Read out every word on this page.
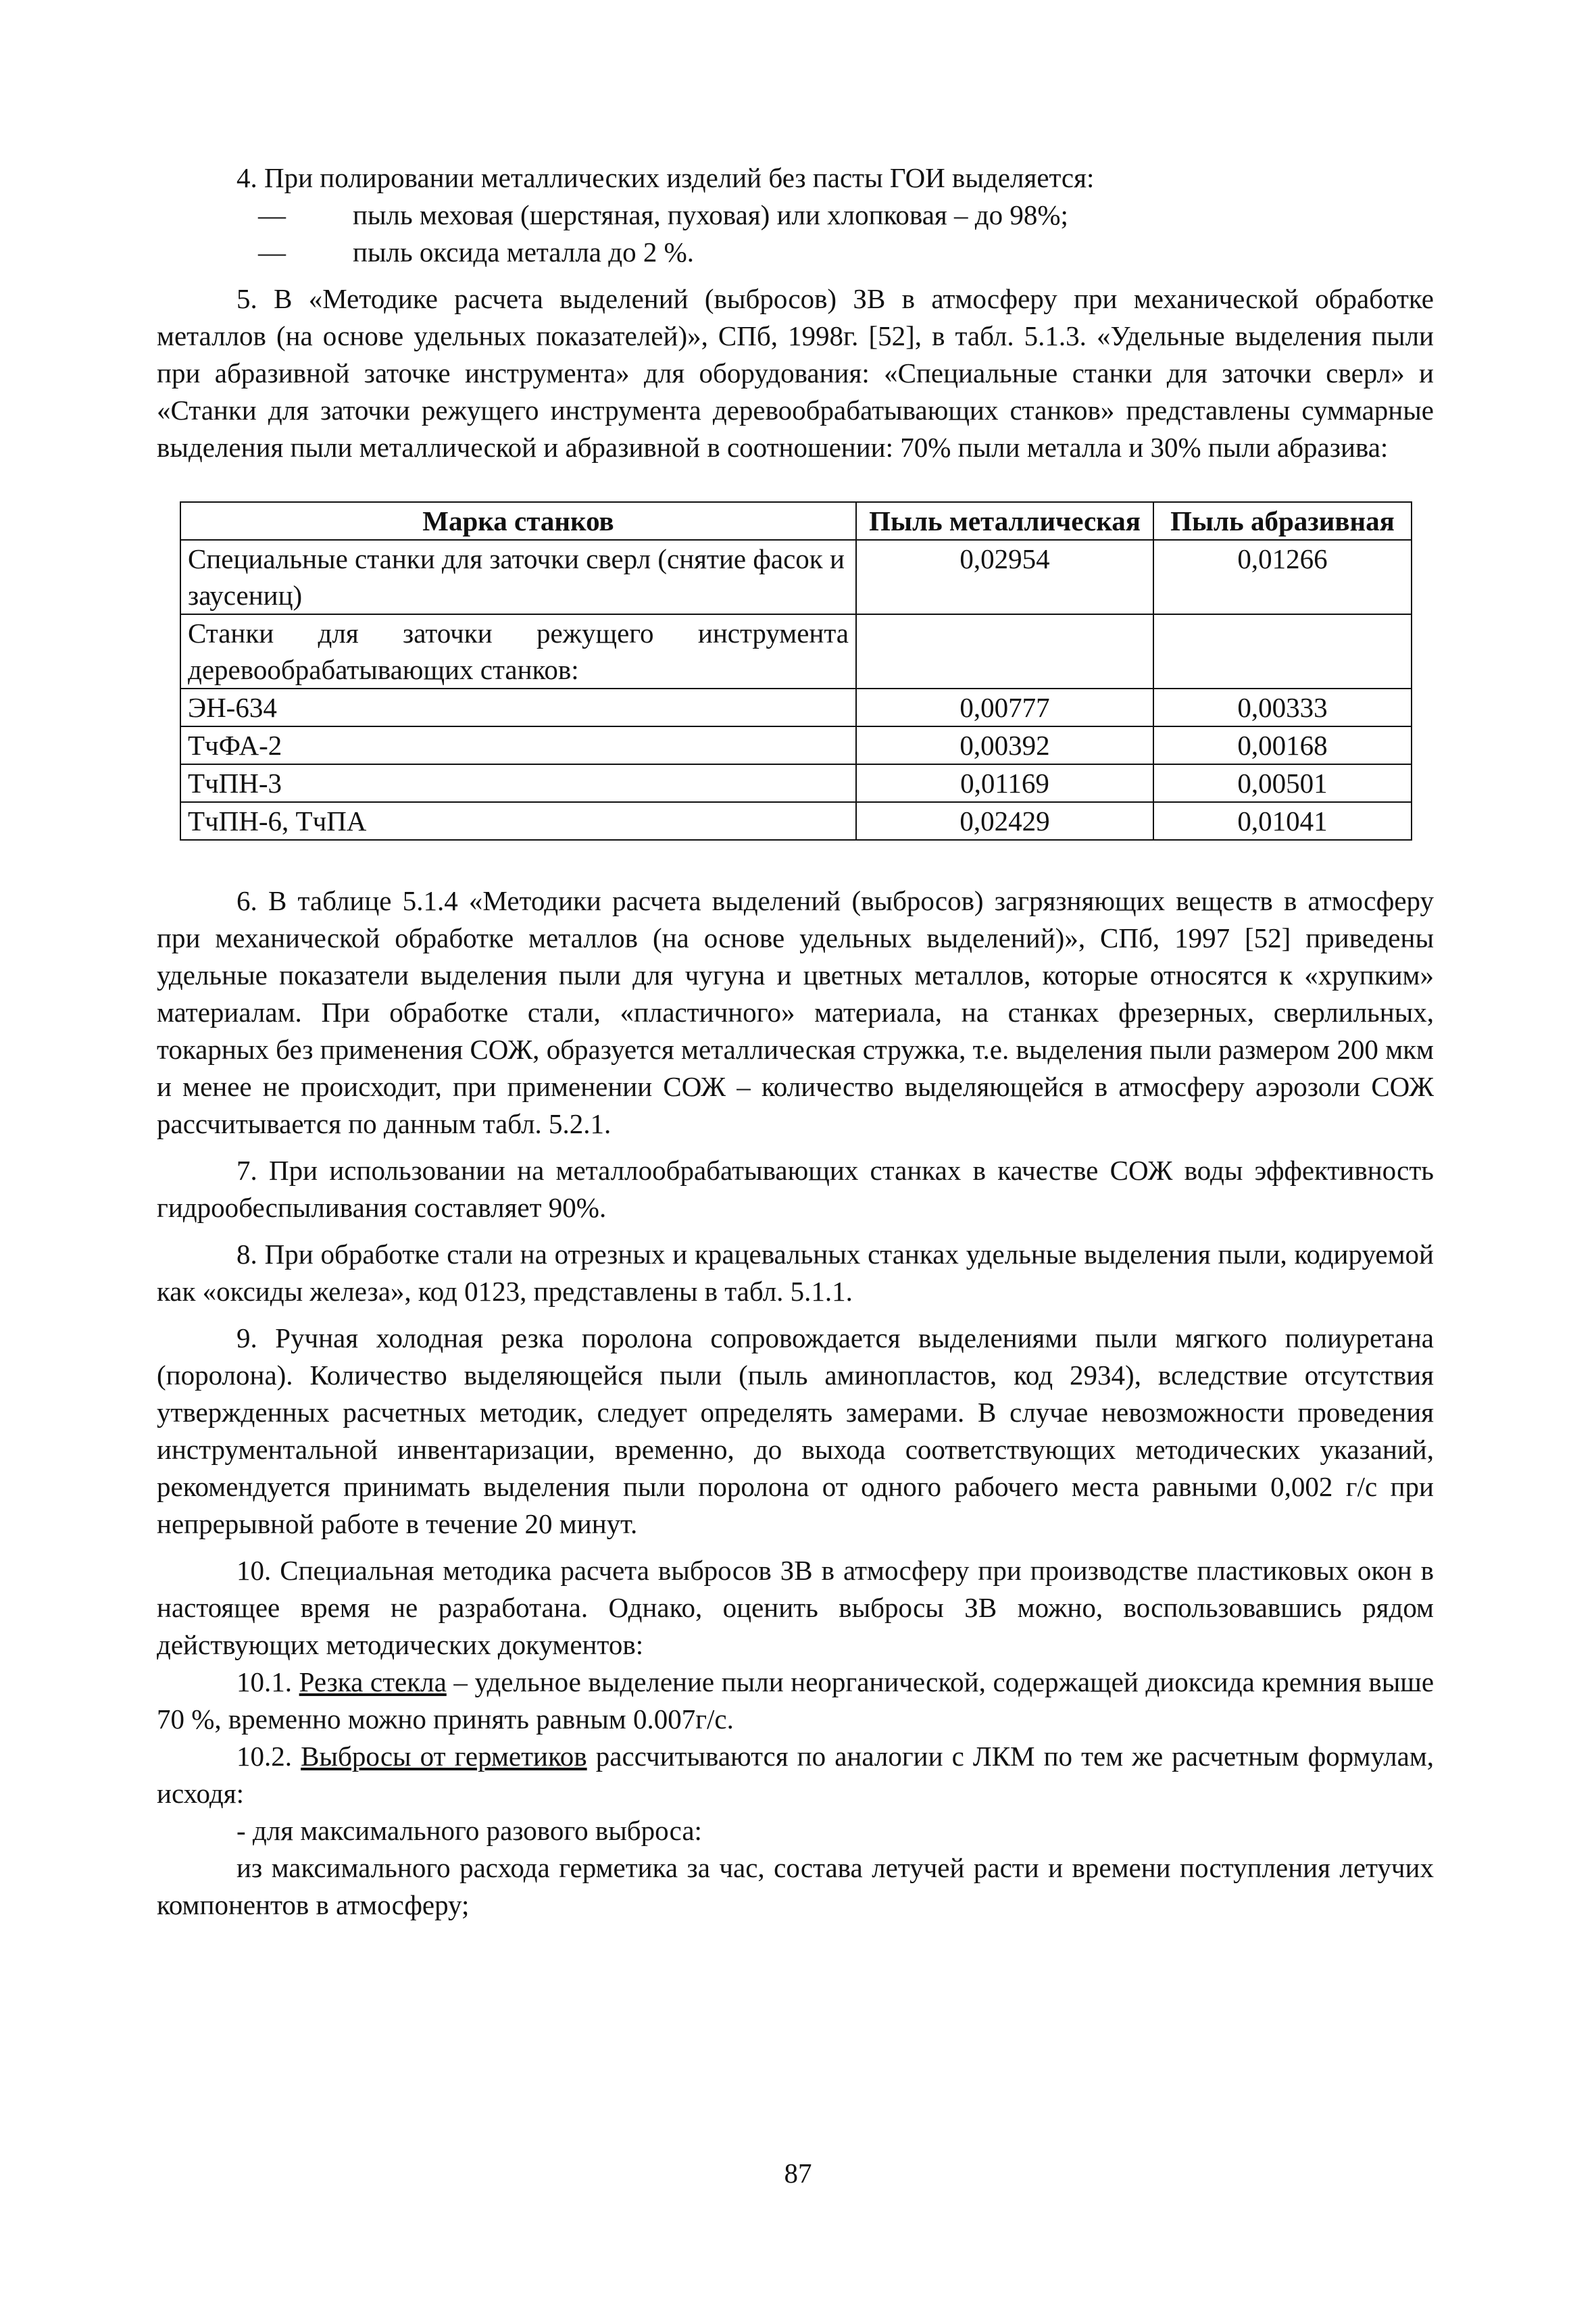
4. При полировании металлических изделий без пасты ГОИ выделяется:

—	пыль меховая (шерстяная, пуховая) или хлопковая – до 98%;
—	пыль оксида металла до 2 %.

5. В «Методике расчета выделений (выбросов) ЗВ в атмосферу при механической обработке металлов (на основе удельных показателей)», СПб, 1998г. [52], в табл. 5.1.3. «Удельные выделения пыли при абразивной заточке инструмента» для оборудования: «Специальные станки для заточки сверл» и «Станки для заточки режущего инструмента деревообрабатывающих станков» представлены суммарные выделения пыли металлической и абразивной в соотношении: 70% пыли металла и 30% пыли абразива:

Марка станков	Пыль металлическая	Пыль абразивная
Специальные станки для заточки сверл (снятие фасок и заусениц)	0,02954	0,01266
Станки для заточки режущего инструмента деревообрабатывающих станков:		
ЭН-634	0,00777	0,00333
ТчФА-2	0,00392	0,00168
ТчПН-3	0,01169	0,00501
ТчПН-6, ТчПА	0,02429	0,01041

6. В таблице 5.1.4 «Методики расчета выделений (выбросов) загрязняющих веществ в атмосферу при механической обработке металлов (на основе удельных выделений)», СПб, 1997 [52] приведены удельные показатели выделения пыли для чугуна и цветных металлов, которые относятся к «хрупким» материалам. При обработке стали, «пластичного» материала, на станках фрезерных, сверлильных, токарных без применения СОЖ, образуется металлическая стружка, т.е. выделения пыли размером 200 мкм и менее не происходит, при применении СОЖ – количество выделяющейся в атмосферу аэрозоли СОЖ рассчитывается по данным табл. 5.2.1.

7. При использовании на металлообрабатывающих станках в качестве СОЖ воды эффективность гидрообеспыливания составляет 90%.

8. При обработке стали на отрезных и крацевальных станках удельные выделения пыли, кодируемой как «оксиды железа», код 0123, представлены в табл. 5.1.1.

9. Ручная холодная резка поролона сопровождается выделениями пыли мягкого полиуретана (поролона). Количество выделяющейся пыли (пыль аминопластов, код 2934), вследствие отсутствия утвержденных расчетных методик, следует определять замерами. В случае невозможности проведения инструментальной инвентаризации, временно, до выхода соответствующих методических указаний, рекомендуется принимать выделения пыли поролона от одного рабочего места равными 0,002 г/с при непрерывной работе в течение 20 минут.

10. Специальная методика расчета выбросов ЗВ в атмосферу при производстве пластиковых окон в настоящее время не разработана. Однако, оценить выбросы ЗВ можно, воспользовавшись рядом действующих методических документов:

10.1. Резка стекла – удельное выделение пыли неорганической, содержащей диоксида кремния выше 70 %, временно можно принять равным 0.007г/с.

10.2. Выбросы от герметиков рассчитываются по аналогии с ЛКМ по тем же расчетным формулам, исходя:

- для максимального разового выброса:

из максимального расхода герметика за час, состава летучей расти и времени поступления летучих компонентов в атмосферу;

87
